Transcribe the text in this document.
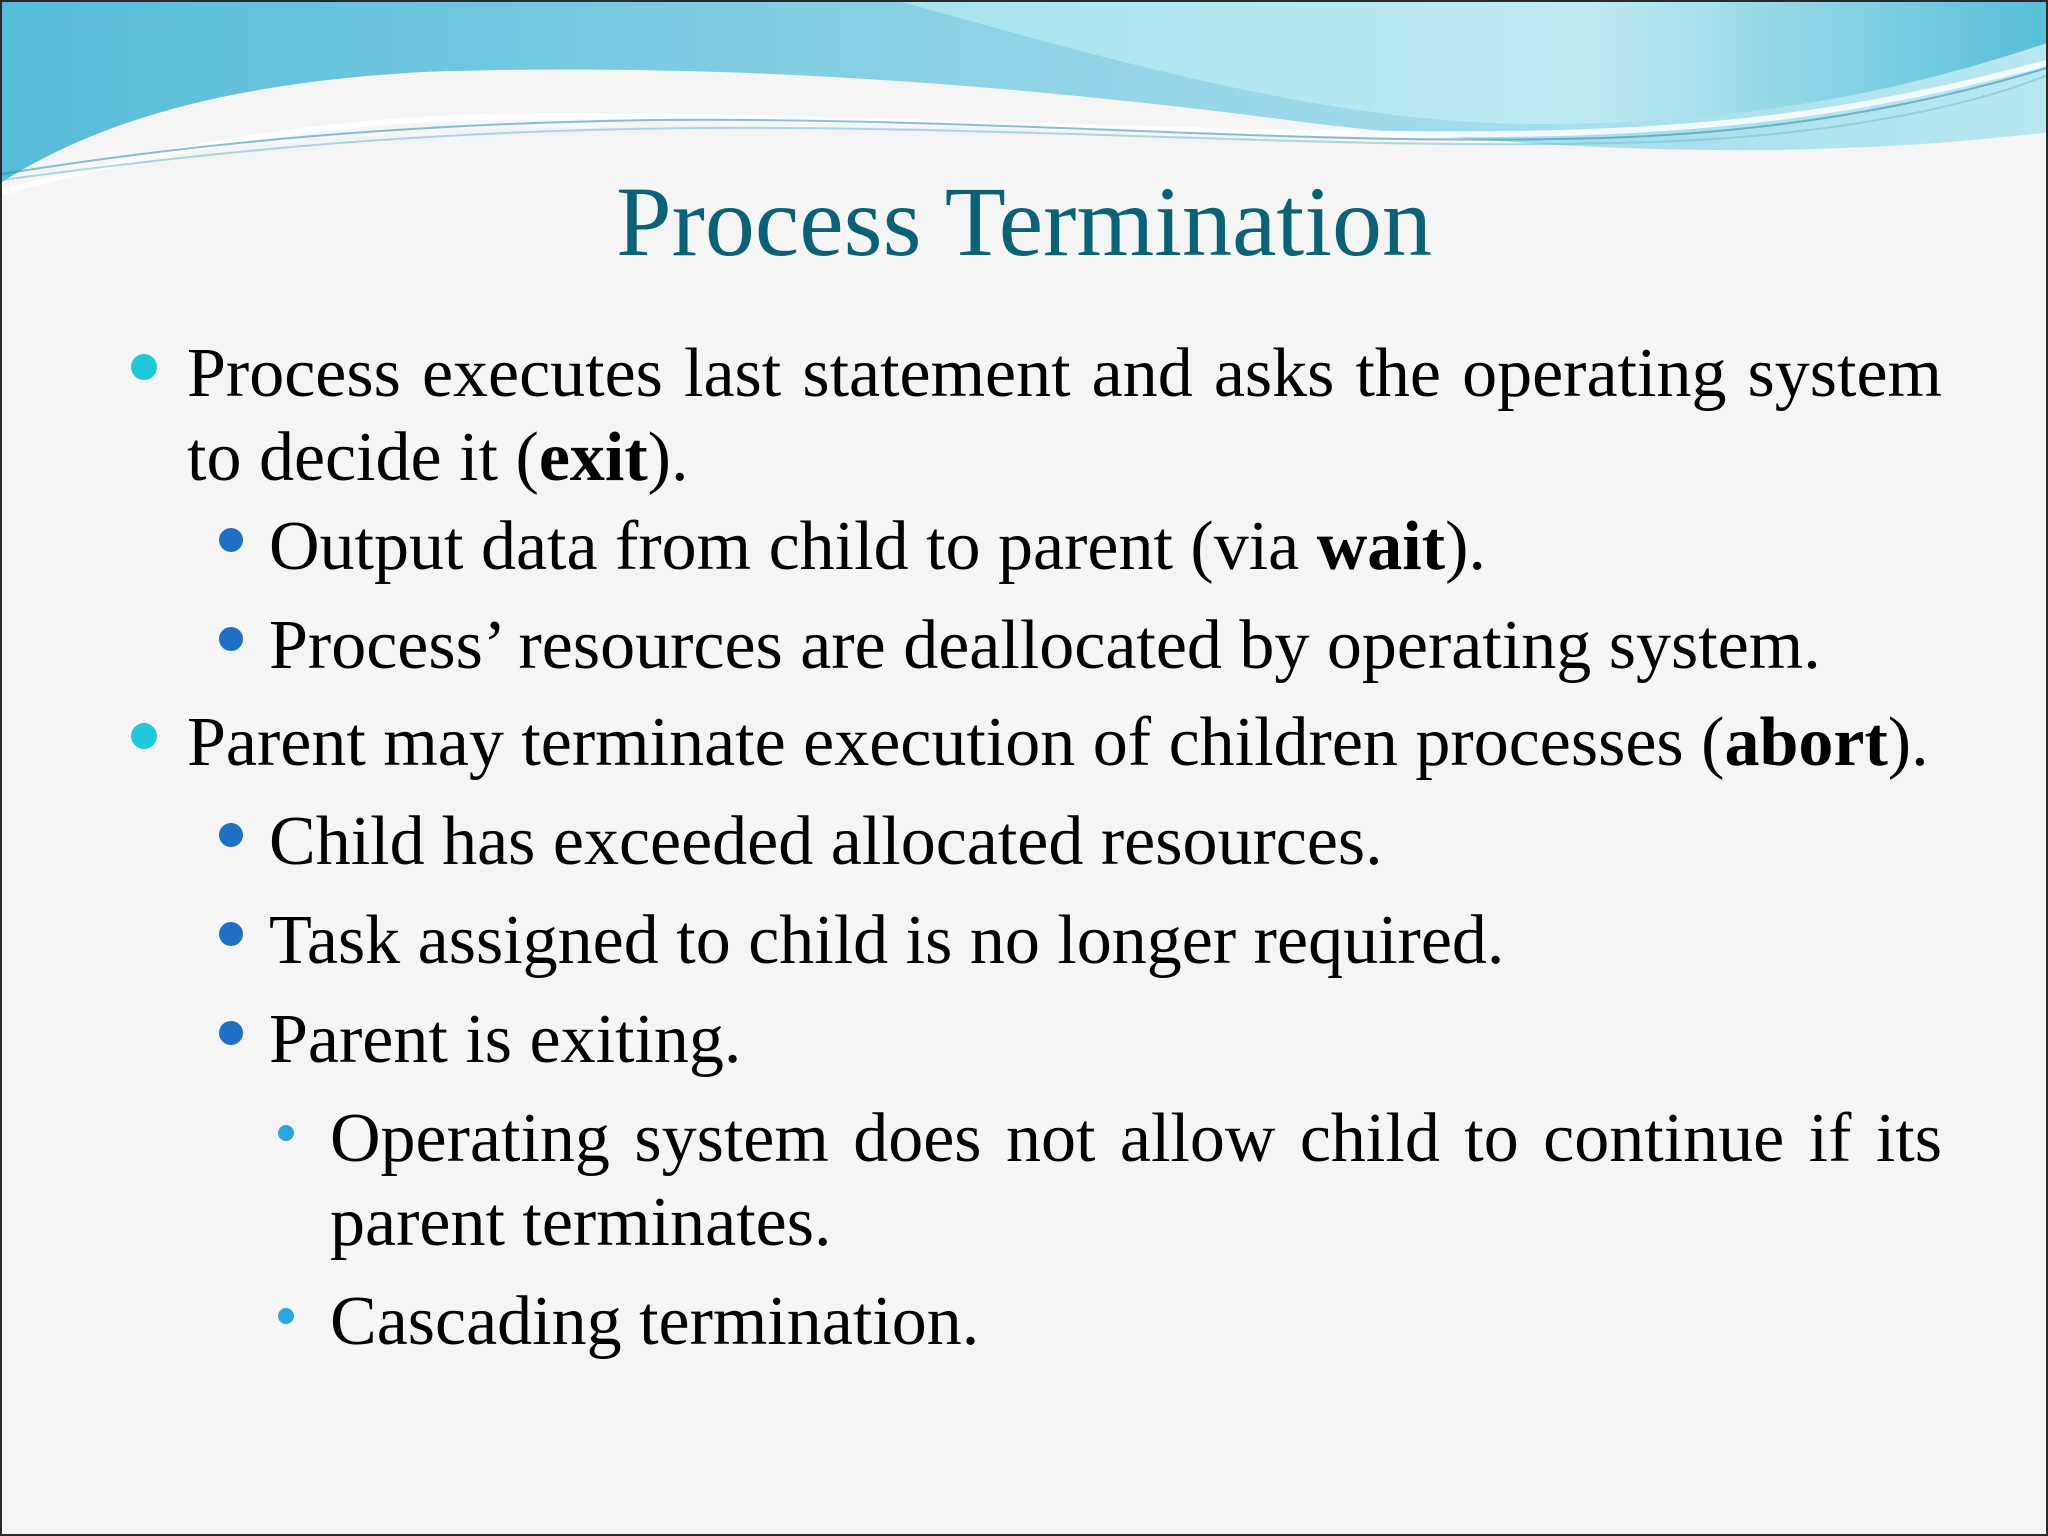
Process Termination
Process executes last statement and asks the operating system to decide it (exit).
Output data from child to parent (via wait).
Process’ resources are deallocated by operating system.
Parent may terminate execution of children processes (abort).
Child has exceeded allocated resources.
Task assigned to child is no longer required.
Parent is exiting.
Operating system does not allow child to continue if its parent terminates.
Cascading termination.
